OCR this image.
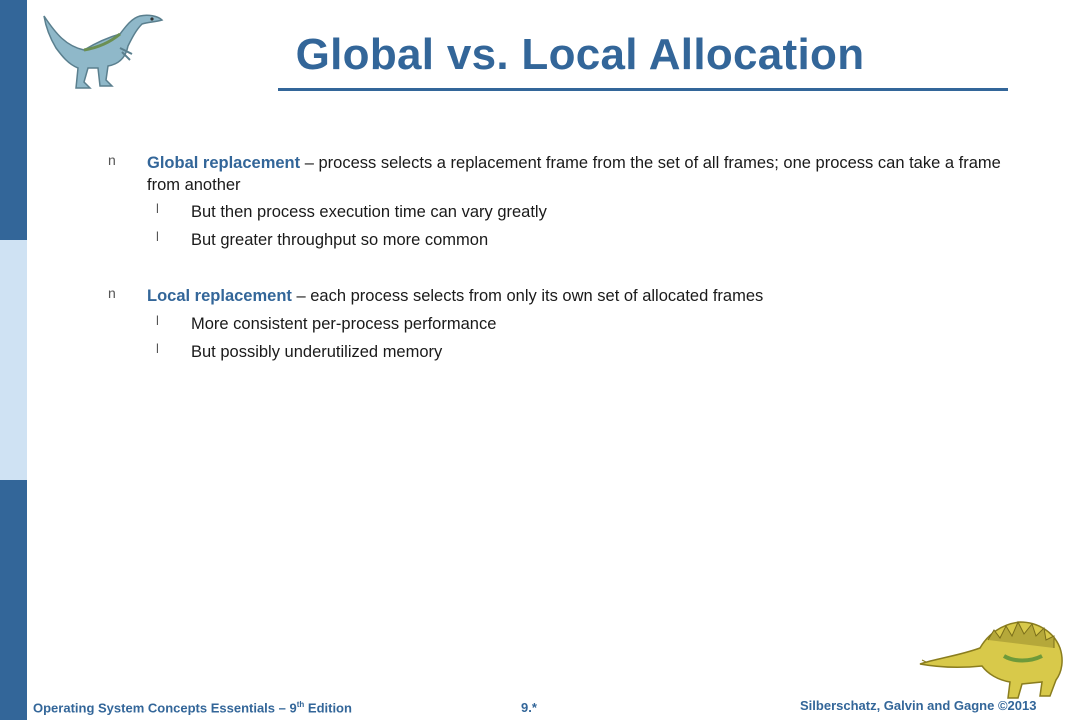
Global vs. Local Allocation
n Global replacement – process selects a replacement frame from the set of all frames; one process can take a frame from another
l But then process execution time can vary greatly
l But greater throughput so more common
n Local replacement – each process selects from only its own set of allocated frames
l More consistent per-process performance
l But possibly underutilized memory
Operating System Concepts Essentials – 9th Edition	9.*	Silberschatz, Galvin and Gagne ©2013
